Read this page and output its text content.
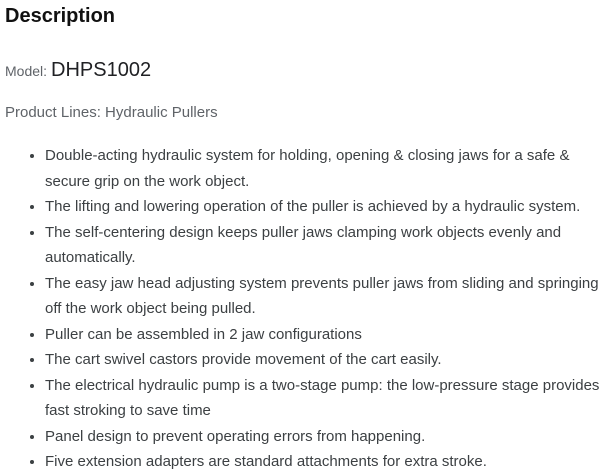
Description
Model: DHPS1002

Product Lines: Hydraulic Pullers

• Double-acting hydraulic system for holding, opening & closing jaws for a safe & secure grip on the work object.
• The lifting and lowering operation of the puller is achieved by a hydraulic system.
• The self-centering design keeps puller jaws clamping work objects evenly and automatically.
• The easy jaw head adjusting system prevents puller jaws from sliding and springing off the work object being pulled.
• Puller can be assembled in 2 jaw configurations
• The cart swivel castors provide movement of the cart easily.
• The electrical hydraulic pump is a two-stage pump: the low-pressure stage provides fast stroking to save time
• Panel design to prevent operating errors from happening.
• Five extension adapters are standard attachments for extra stroke.
